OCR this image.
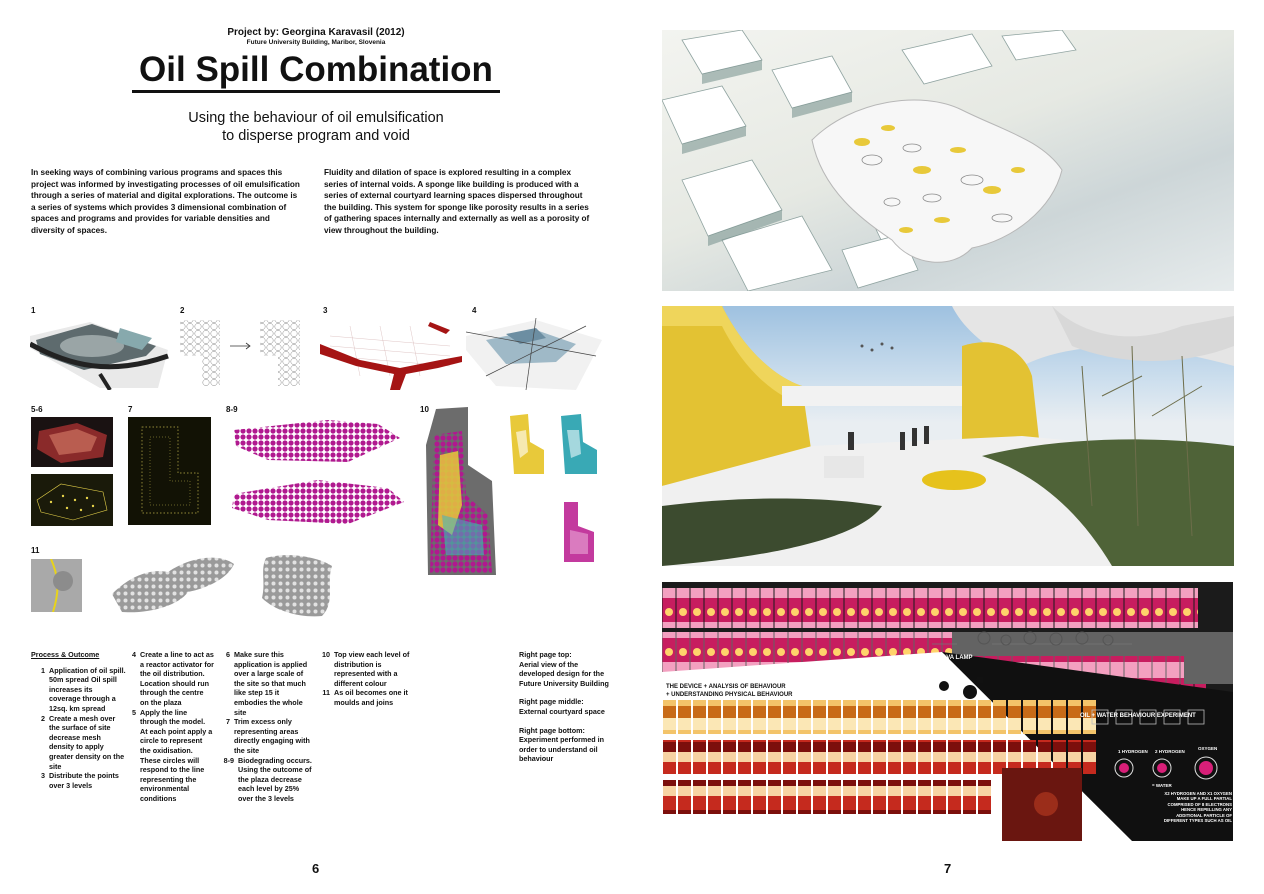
Project by: Georgina Karavasil (2012)
Future University Building, Maribor, Slovenia
Oil Spill Combination
Using the behaviour of oil emulsification
to disperse program and void
In seeking ways of combining various programs and spaces this project was informed by investigating processes of oil emulsification through a series of material and digital explorations. The outcome is a series of systems which provides 3 dimensional combination of spaces and programs and provides for variable densities and diversity of spaces.
Fluidity and dilation of space is explored resulting in a complex series of internal voids. A sponge like building is produced with a series of external courtyard learning spaces dispersed throughout the building. This system for sponge like porosity results in a series of gathering spaces internally and externally as well as a porosity of view throughout the building.
1	2	3	4
5-6	7	8-9	10
11
Process & Outcome
1 Application of oil spill. 50m spread Oil spill increases its coverage through a 12sq. km spread
2 Create a mesh over the surface of site decrease mesh density to apply greater density on the site
3 Distribute the points over 3 levels
4 Create a line to act as a reactor activator for the oil distribution. Location should run through the centre on the plaza
5 Apply the line through the model. At each point apply a circle to represent the oxidisation. These circles will respond to the line representing the environmental conditions
6 Make sure this application is applied over a large scale of the site so that much like step 15 it embodies the whole site
7 Trim excess only representing areas directly engaging with the site
8-9 Biodegrading occurs. Using the outcome of the plaza decrease each level by 25% over the 3 levels
10 Top view each level of distribution is represented with a different colour
11 As oil becomes one it moulds and joins
Right page top:
Aerial view of the developed design for the Future University Building
Right page middle:
External courtyard space
Right page bottom:
Experiment performed in order to understand oil behaviour
6
THE LAVA LAMP
THE DEVICE + ANALYSIS OF BEHAVIOUR
+ UNDERSTANDING PHYSICAL BEHAVIOUR
OIL + WATER BEHAVIOUR EXPERIMENT
1 HYDROGEN 2 HYDROGEN
OXYGEN
= WATER
X2 HYDROGEN AND X1 OXYGEN MAKE UP A FULL PARTIAL COMPRISED OF 8 ELECTRONS HENCE REPELLING ANY ADDITIONAL PARTICLE OF DIFFERENT TYPES SUCH AS OIL
7
